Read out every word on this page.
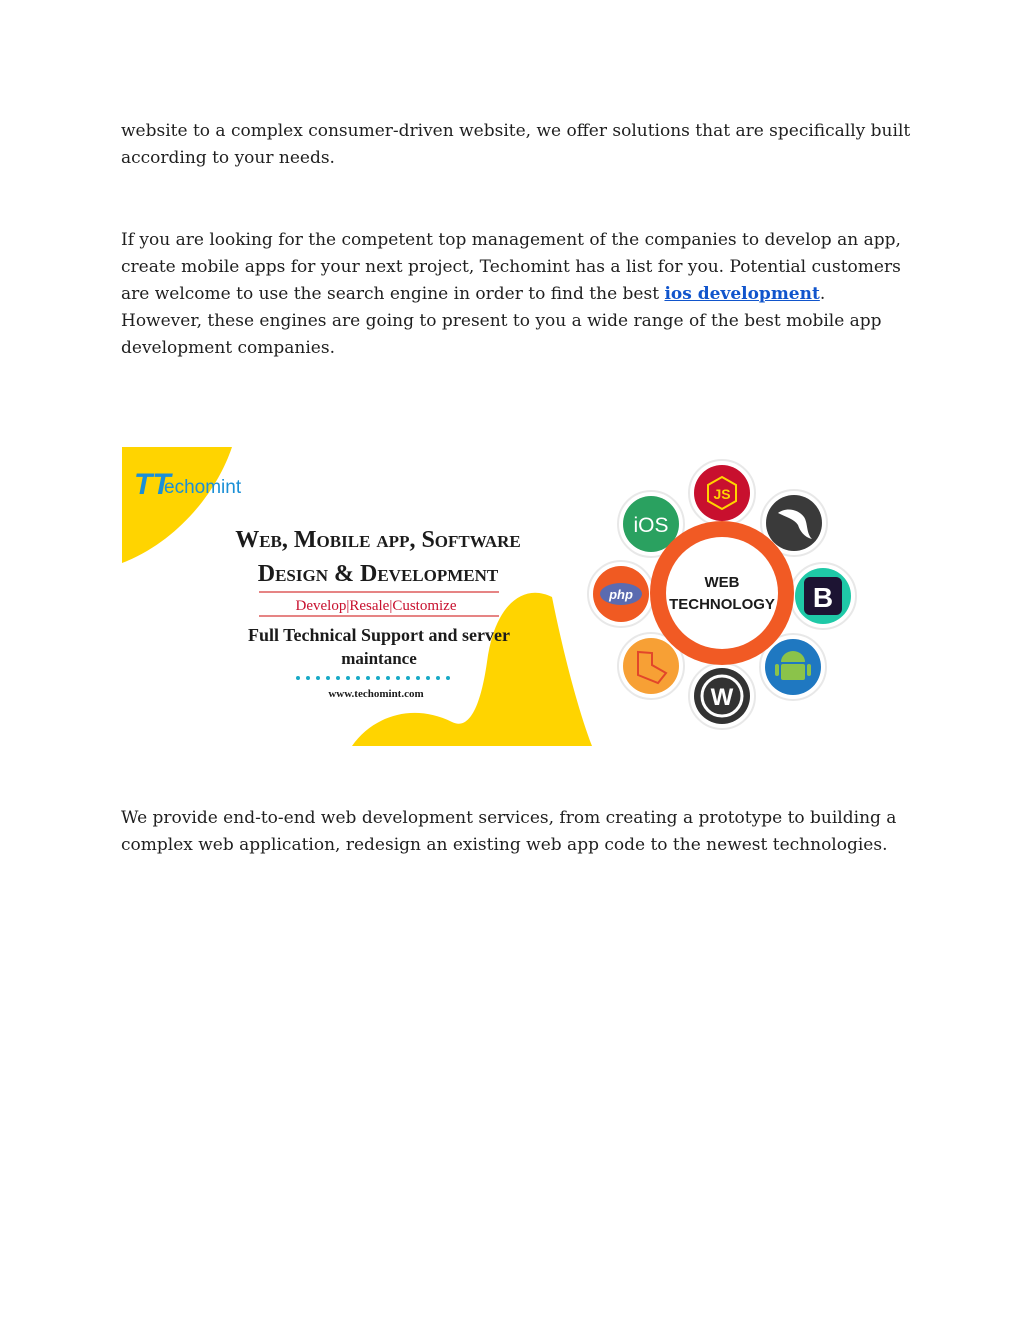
website to a complex consumer-driven website, we offer solutions that are specifically built
according to your needs.

If you are looking for the competent top management of the companies to develop an app, create mobile apps for your next project, Techomint has a list for you. Potential customers are welcome to use the search engine in order to find the best ios development. However, these engines are going to present to you a wide range of the best mobile app development companies.

TT
echomint
Web, Mobile app, Software
Design & Development
Develop|Resale|Customize
Full Technical Support and server
maintance
www.techomint.com
JS
iOS
php	B
W
WEB
TECHNOLOGY

We provide end-to-end web development services, from creating a prototype to building a complex web application, redesign an existing web app code to the newest technologies.
